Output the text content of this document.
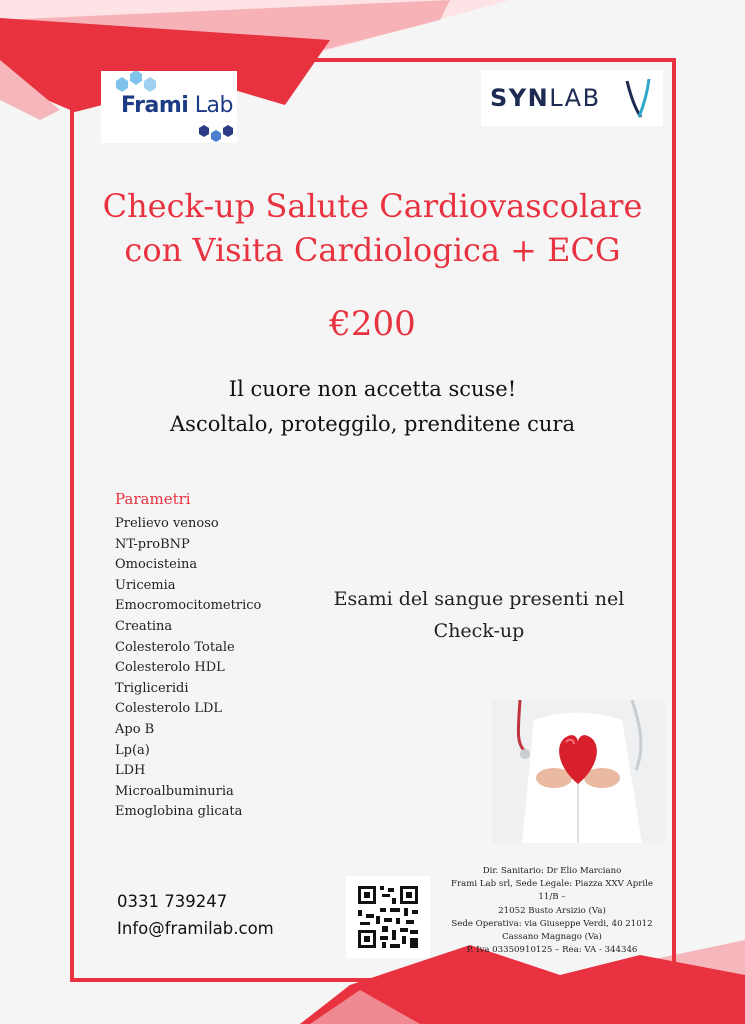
Frami Lab	SYNLAB
Check-up Salute Cardiovascolare
con Visita Cardiologica + ECG
€200
Il cuore non accetta scuse!
Ascoltalo, proteggilo, prenditene cura
Parametri
Prelievo venoso
NT-proBNP
Omocisteina
Uricemia
Emocromocitometrico
Creatina
Colesterolo Totale
Colesterolo HDL
Trigliceridi
Colesterolo LDL
Apo B
Lp(a)
LDH
Microalbuminuria
Emoglobina glicata
Esami del sangue presenti nel
Check-up
0331 739247
Info@framilab.com
Dir. Sanitario: Dr Elio Marciano
Frami Lab srl, Sede Legale: Piazza XXV Aprile 11/B –
21052 Busto Arsizio (Va)
Sede Operativa: via Giuseppe Verdi, 40 21012
Cassano Magnago (Va)
P. Iva 03350910125 – Rea: VA - 344346
